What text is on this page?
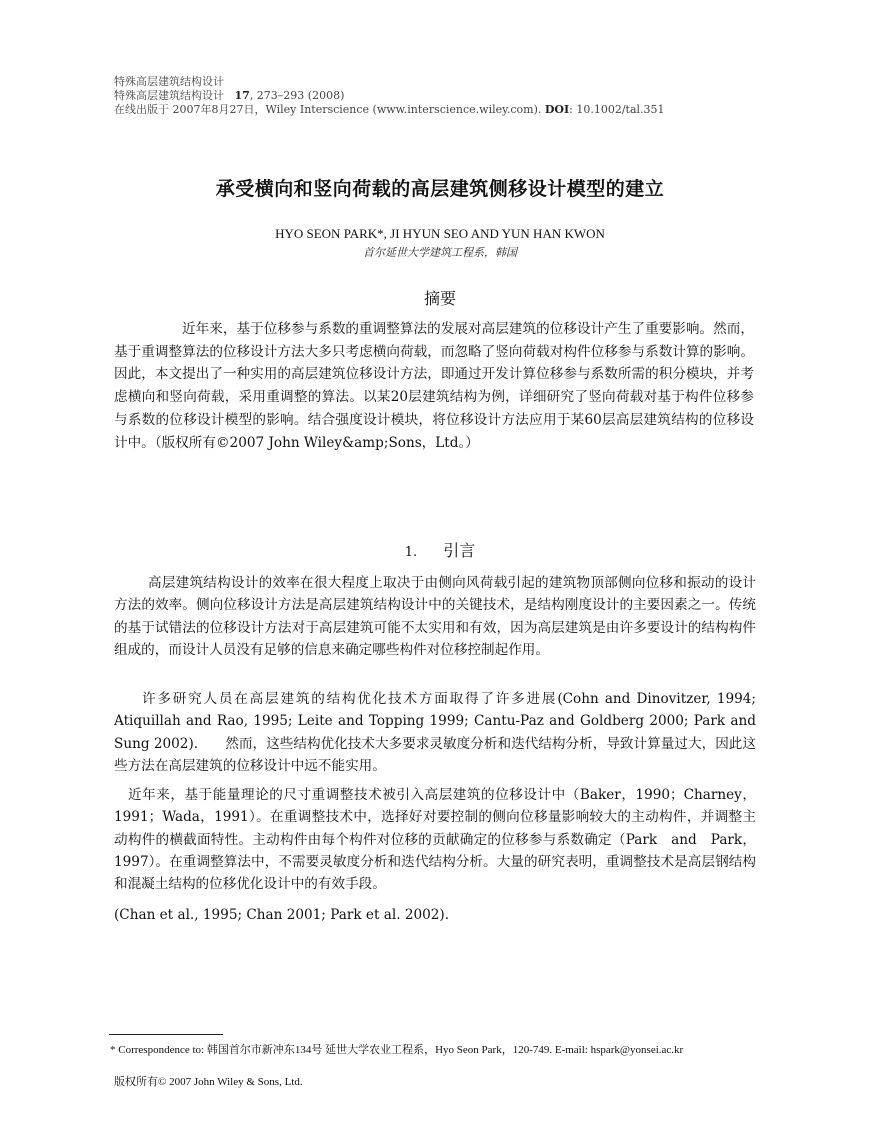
特殊高层建筑结构设计
特殊高层建筑结构设计 17, 273–293 (2008)
在线出版于 2007年8月27日，Wiley Interscience (www.interscience.wiley.com). DOI: 10.1002/tal.351
承受横向和竖向荷载的高层建筑侧移设计模型的建立
HYO SEON PARK*, JI HYUN SEO AND YUN HAN KWON
首尔延世大学建筑工程系，韩国
摘要
近年来，基于位移参与系数的重调整算法的发展对高层建筑的位移设计产生了重要影响。然而，基于重调整算法的位移设计方法大多只考虑横向荷载，而忽略了竖向荷载对构件位移参与系数计算的影响。因此，本文提出了一种实用的高层建筑位移设计方法，即通过开发计算位移参与系数所需的积分模块，并考虑横向和竖向荷载，采用重调整的算法。以某20层建筑结构为例，详细研究了竖向荷载对基于构件位移参与系数的位移设计模型的影响。结合强度设计模块，将位移设计方法应用于某60层高层建筑结构的位移设计中。（版权所有©2007 John Wiley&amp;Sons，Ltd。）
1. 引言
高层建筑结构设计的效率在很大程度上取决于由侧向风荷载引起的建筑物顶部侧向位移和振动的设计方法的效率。侧向位移设计方法是高层建筑结构设计中的关键技术，是结构刚度设计的主要因素之一。传统的基于试错法的位移设计方法对于高层建筑可能不太实用和有效，因为高层建筑是由许多要设计的结构构件组成的，而设计人员没有足够的信息来确定哪些构件对位移控制起作用。
许多研究人员在高层建筑的结构优化技术方面取得了许多进展(Cohn and Dinovitzer, 1994; Atiquillah and Rao, 1995; Leite and Topping 1999; Cantu-Paz and Goldberg 2000; Park and Sung 2002).　　然而，这些结构优化技术大多要求灵敏度分析和迭代结构分析，导致计算量过大，因此这些方法在高层建筑的位移设计中远不能实用。
近年来，基于能量理论的尺寸重调整技术被引入高层建筑的位移设计中（Baker，1990；Charney，1991；Wada，1991）。在重调整技术中，选择好对要控制的侧向位移量影响较大的主动构件，并调整主动构件的横截面特性。主动构件由每个构件对位移的贡献确定的位移参与系数确定（Park　and　Park，1997）。在重调整算法中，不需要灵敏度分析和迭代结构分析。大量的研究表明，重调整技术是高层钢结构和混凝土结构的位移优化设计中的有效手段。
(Chan et al., 1995; Chan 2001; Park et al. 2002).
* Correspondence to: 韩国首尔市新冲东134号 延世大学农业工程系，Hyo Seon Park，120-749. E-mail: hspark@yonsei.ac.kr
版权所有© 2007 John Wiley & Sons, Ltd.
